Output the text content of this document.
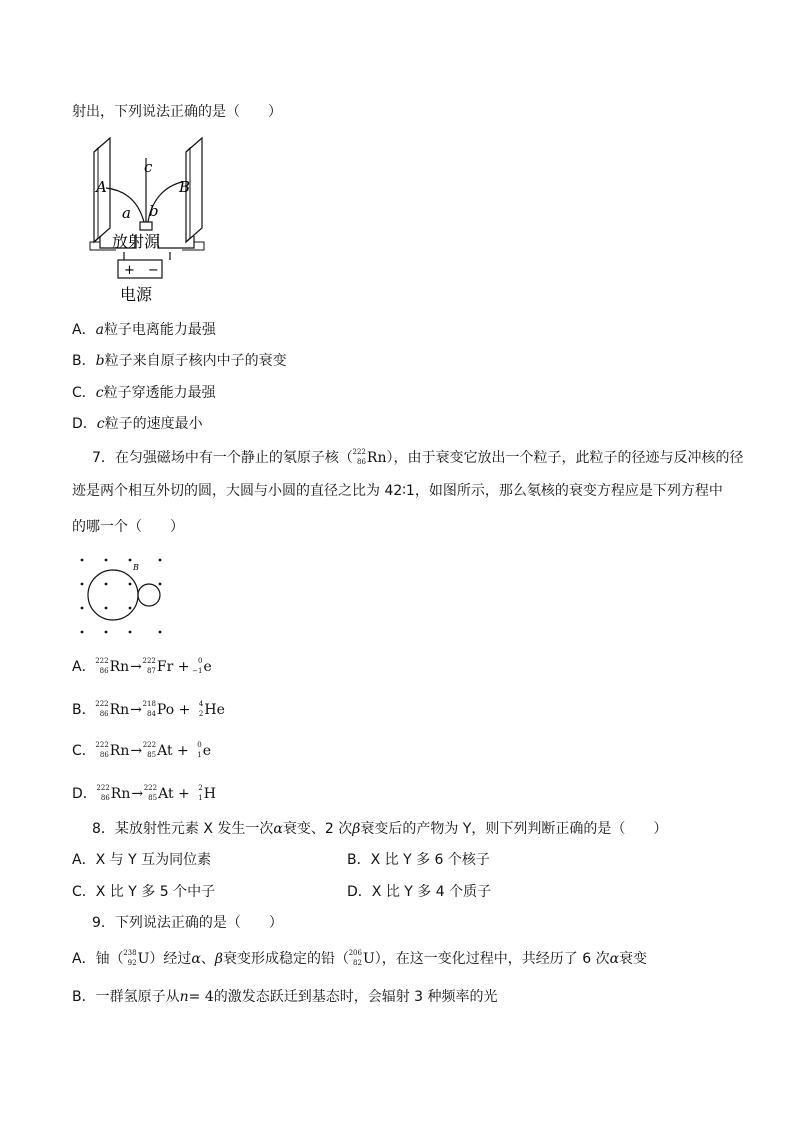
射出，下列说法正确的是（　　）
A	B
a b
c
放射源
+　−
电源
A．a粒子电离能力最强
B．b粒子来自原子核内中子的衰变
C．c粒子穿透能力最强
D．c粒子的速度最小
7．在匀强磁场中有一个静止的氡原子核（ 222
86 Rn），由于衰变它放出一个粒子，此粒子的径迹与反冲核的径
迹是两个相互外切的圆，大圆与小圆的直径之比为 42∶1，如图所示，那么氡核的衰变方程应是下列方程中
的哪一个（　　）
B
A． 222
86 Rn→ 222
87 Fr + 0
−1 e
B． 222
86 Rn→ 218
84 Po + 4
2 He
C． 222
86 Rn→ 222
85 At + 0
1 e
D． 222
86 Rn→ 222
85 At + 2
1 H
8．某放射性元素 X 发生一次α衰变、2 次β衰变后的产物为 Y，则下列判断正确的是（　　）
A．X 与 Y 互为同位素	B．X 比 Y 多 6 个核子
C．X 比 Y 多 5 个中子	D．X 比 Y 多 4 个质子
9．下列说法正确的是（　　）
A．铀（ 238
92 U）经过α、β衰变形成稳定的铅（ 206
82 U），在这一变化过程中，共经历了 6 次α衰变
B．一群氢原子从n= 4的激发态跃迁到基态时，会辐射 3 种频率的光
